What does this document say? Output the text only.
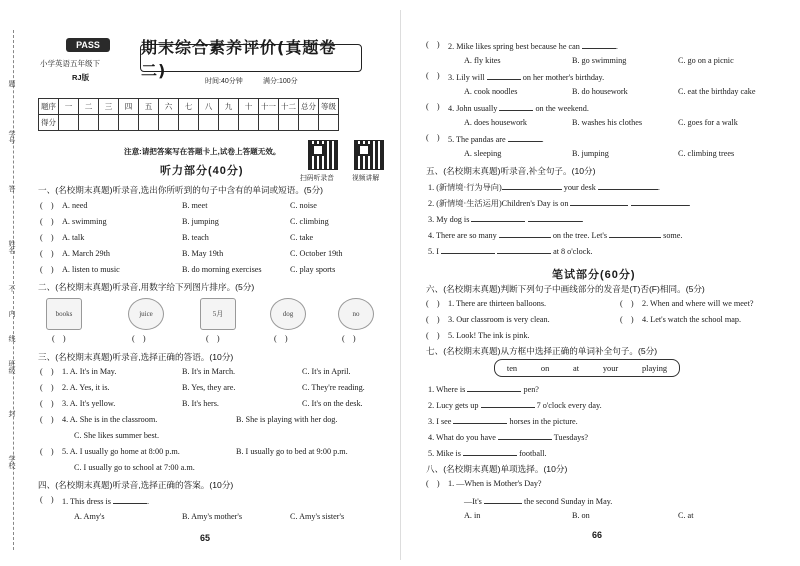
题
学号
答
姓名
不
内
线
班级
封
学校
PASS
小学英语五年级下
RJ版
期末综合素养评价(真题卷二)
时间:40分钟	满分:100分
题序	一	二	三	四	五	六	七	八	九	十	十一	十二	总分	等级
得分														
注意:请把答案写在答题卡上,试卷上答题无效。
扫码听录音	视频讲解
听力部分(40分)
一、(名校期末真题)听录音,选出你所听到的句子中含有的单词或短语。(5分)
(    ) A. need	B. meet	C. noise
(    ) A. swimming	B. jumping	C. climbing
(    ) A. talk	B. teach	C. take
(    ) A. March 29th	B. May 19th	C. October 19th
(    ) A. listen to music	B. do morning exercises	C. play sports
二、(名校期末真题)听录音,用数字给下列图片排序。(5分)
books	juice	5月	dog	no
(    )	(    )	(    )	(    )	(    )
三、(名校期末真题)听录音,选择正确的答语。(10分)
(    ) 1. A. It's in May.	B. It's in March.	C. It's in April.
(    ) 2. A. Yes, it is.	B. Yes, they are.	C. They're reading.
(    ) 3. A. It's yellow.	B. It's hers.	C. It's on the desk.
(    ) 4. A. She is in the classroom.	B. She is playing with her dog.
C. She likes summer best.
(    ) 5. A. I usually go home at 8:00 p.m.	B. I usually go to bed at 9:00 p.m.
C. I usually go to school at 7:00 a.m.
四、(名校期末真题)听录音,选择正确的答案。(10分)
(    ) 1. This dress is	.
A. Amy's	B. Amy's mother's	C. Amy's sister's
65
(    ) 2. Mike likes spring best because he can	.
A. fly kites	B. go swimming	C. go on a picnic
(    ) 3. Lily will	on her mother's birthday.
A. cook noodles	B. do housework	C. eat the birthday cake
(    ) 4. John usually	on the weekend.
A. does housework	B. washes his clothes	C. goes for a walk
(    ) 5. The pandas are	.
A. sleeping	B. jumping	C. climbing trees
五、(名校期末真题)听录音,补全句子。(10分)
1. (新情境·行为导向)	your desk	.
2. (新情境·生活运用)Children's Day is on	.
3. My dog is	.
4. There are so many	on the tree. Let's	some.
5. I	at 8 o'clock.
笔试部分(60分)
六、(名校期末真题)判断下列句子中画线部分的发音是(T)否(F)相同。(5分)
(    ) 1. There are thirteen balloons.	(    ) 2. When and where will we meet?
(    ) 3. Our classroom is very clean.	(    ) 4. Let's watch the school map.
(    ) 5. Look! The ink is pink.
七、(名校期末真题)从方框中选择正确的单词补全句子。(5分)
ten	on	at	your	playing
1. Where is	pen?
2. Lucy gets up	7 o'clock every day.
3. I see	horses in the picture.
4. What do you have	Tuesdays?
5. Mike is	football.
八、(名校期末真题)单项选择。(10分)
(    ) 1. —When is Mother's Day?
—It's	the second Sunday in May.
A. in	B. on	C. at
66
